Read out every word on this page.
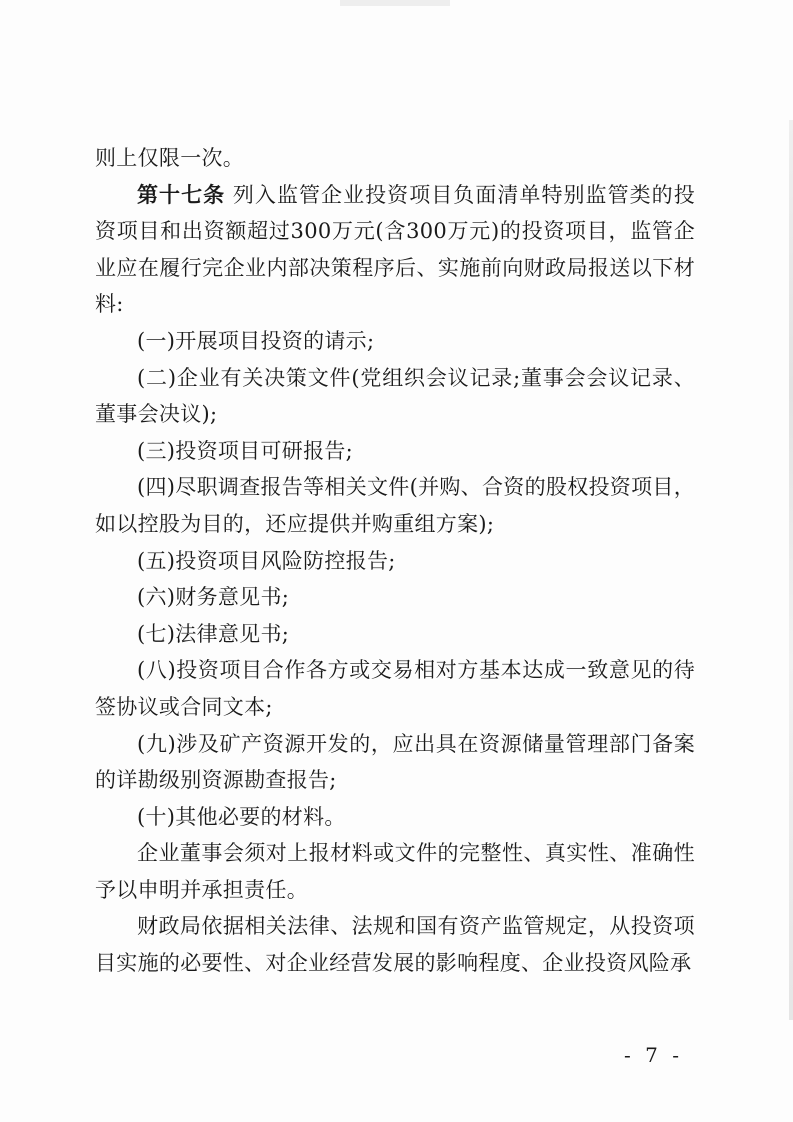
则上仅限一次。

第十七条 列入监管企业投资项目负面清单特别监管类的投资项目和出资额超过300万元(含300万元)的投资项目，监管企业应在履行完企业内部决策程序后、实施前向财政局报送以下材料:

(一)开展项目投资的请示;

(二)企业有关决策文件(党组织会议记录;董事会会议记录、董事会决议);

(三)投资项目可研报告;

(四)尽职调查报告等相关文件(并购、合资的股权投资项目，如以控股为目的，还应提供并购重组方案);

(五)投资项目风险防控报告;

(六)财务意见书;

(七)法律意见书;

(八)投资项目合作各方或交易相对方基本达成一致意见的待签协议或合同文本;

(九)涉及矿产资源开发的，应出具在资源储量管理部门备案的详勘级别资源勘查报告;

(十)其他必要的材料。

企业董事会须对上报材料或文件的完整性、真实性、准确性予以申明并承担责任。

财政局依据相关法律、法规和国有资产监管规定，从投资项目实施的必要性、对企业经营发展的影响程度、企业投资风险承

- 7 -
